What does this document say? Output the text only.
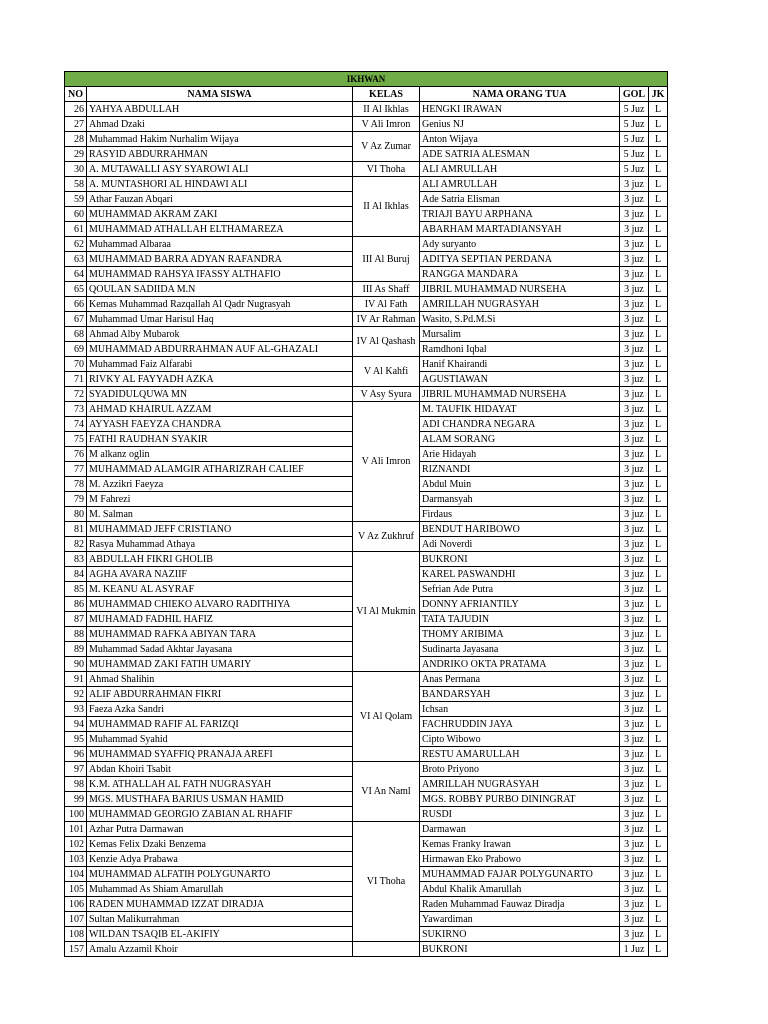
IKHWAN					
NO	NAMA SISWA	KELAS	NAMA ORANG TUA	GOL	JK
26	YAHYA ABDULLAH	II Al Ikhlas	HENGKI IRAWAN	5 Juz	L
27	Ahmad Dzaki	V Ali Imron	Genius NJ	5 Juz	L
28	Muhammad Hakim Nurhalim Wijaya	V Az Zumar	Anton Wijaya	5 Juz	L
29	RASYID ABDURRAHMAN		ADE SATRIA ALESMAN	5 Juz	L
30	A. MUTAWALLI ASY SYAROWI ALI	VI Thoha	ALI AMRULLAH	5 Juz	L
58	A. MUNTASHORI AL HINDAWI ALI	II Al Ikhlas	ALI AMRULLAH	3 juz	L
59	Athar Fauzan Abqari		Ade Satria Elisman	3 juz	L
60	MUHAMMAD AKRAM ZAKI		TRIAJI BAYU ARPHANA	3 juz	L
61	MUHAMMAD ATHALLAH ELTHAMAREZA		ABARHAM MARTADIANSYAH	3 juz	L
62	Muhammad Albaraa	III Al Buruj	Ady suryanto	3 juz	L
63	MUHAMMAD BARRA ADYAN RAFANDRA		ADITYA SEPTIAN PERDANA	3 juz	L
64	MUHAMMAD RAHSYA IFASSY ALTHAFIO		RANGGA MANDARA	3 juz	L
65	QOULAN SADIIDA M.N	III As Shaff	JIBRIL MUHAMMAD NURSEHA	3 juz	L
66	Kemas Muhammad Razqallah Al Qadr Nugrasyah	IV Al Fath	AMRILLAH NUGRASYAH	3 juz	L
67	Muhammad Umar Harisul Haq	IV Ar Rahman	Wasito, S.Pd.M.Si	3 juz	L
68	Ahmad Alby Mubarok	IV Al Qashash	Mursalim	3 juz	L
69	MUHAMMAD ABDURRAHMAN AUF AL-GHAZALI		Ramdhoni Iqbal	3 juz	L
70	Muhammad Faiz Alfarabi	V Al Kahfi	Hanif Khairandi	3 juz	L
71	RIVKY AL FAYYADH AZKA		AGUSTIAWAN	3 juz	L
72	SYADIDULQUWA MN	V Asy Syura	JIBRIL MUHAMMAD NURSEHA	3 juz	L
73	AHMAD KHAIRUL AZZAM	V Ali Imron	M. TAUFIK HIDAYAT	3 juz	L
74	AYYASH FAEYZA CHANDRA		ADI CHANDRA NEGARA	3 juz	L
75	FATHI RAUDHAN SYAKIR		ALAM SORANG	3 juz	L
76	M alkanz oglin		Arie Hidayah	3 juz	L
77	MUHAMMAD ALAMGIR ATHARIZRAH CALIEF		RIZNANDI	3 juz	L
78	M. Azzikri Faeyza		Abdul Muin	3 juz	L
79	M Fahrezi		Darmansyah	3 juz	L
80	M. Salman		Firdaus	3 juz	L
81	MUHAMMAD JEFF CRISTIANO	V Az Zukhruf	BENDUT HARIBOWO	3 juz	L
82	Rasya Muhammad Athaya		Adi Noverdi	3 juz	L
83	ABDULLAH FIKRI GHOLIB	VI Al Mukmin	BUKRONI	3 juz	L
84	AGHA AVARA NAZIIF		KAREL PASWANDHI	3 juz	L
85	M. KEANU AL ASYRAF		Sefrian Ade Putra	3 juz	L
86	MUHAMMAD CHIEKO ALVARO RADITHIYA		DONNY AFRIANTILY	3 juz	L
87	MUHAMAD FADHIL HAFIZ		TATA TAJUDIN	3 juz	L
88	MUHAMMAD RAFKA ABIYAN TARA		THOMY ARIBIMA	3 juz	L
89	Muhammad Sadad Akhtar Jayasana		Sudinarta Jayasana	3 juz	L
90	MUHAMMAD ZAKI FATIH UMARIY		ANDRIKO OKTA PRATAMA	3 juz	L
91	Ahmad Shalihin	VI Al Qolam	Anas Permana	3 juz	L
92	ALIF ABDURRAHMAN FIKRI		BANDARSYAH	3 juz	L
93	Faeza Azka Sandri		Ichsan	3 juz	L
94	MUHAMMAD RAFIF AL FARIZQI		FACHRUDDIN JAYA	3 juz	L
95	Muhammad Syahid		Cipto Wibowo	3 juz	L
96	MUHAMMAD SYAFFIQ PRANAJA AREFI		RESTU AMARULLAH	3 juz	L
97	Abdan Khoiri Tsabit	VI An Naml	Broto Priyono	3 juz	L
98	K.M. ATHALLAH AL FATH NUGRASYAH		AMRILLAH NUGRASYAH	3 juz	L
99	MGS. MUSTHAFA BARIUS USMAN HAMID		MGS. ROBBY PURBO DININGRAT	3 juz	L
100	MUHAMMAD GEORGIO ZABIAN AL RHAFIF		RUSDI	3 juz	L
101	Azhar Putra Darmawan	VI Thoha	Darmawan	3 juz	L
102	Kemas Felix Dzaki Benzema		Kemas Franky Irawan	3 juz	L
103	Kenzie Adya Prabawa		Hirmawan Eko Prabowo	3 juz	L
104	MUHAMMAD ALFATIH POLYGUNARTO		MUHAMMAD FAJAR POLYGUNARTO	3 juz	L
105	Muhammad As Shiam Amarullah		Abdul Khalik Amarullah	3 juz	L
106	RADEN MUHAMMAD IZZAT DIRADJA		Raden Muhammad Fauwaz Diradja	3 juz	L
107	Sultan Malikurrahman		Yawardiman	3 juz	L
108	WILDAN TSAQIB EL-AKIFIY		SUKIRNO	3 juz	L
157	Amalu Azzamil Khoir		BUKRONI	1 Juz	L
